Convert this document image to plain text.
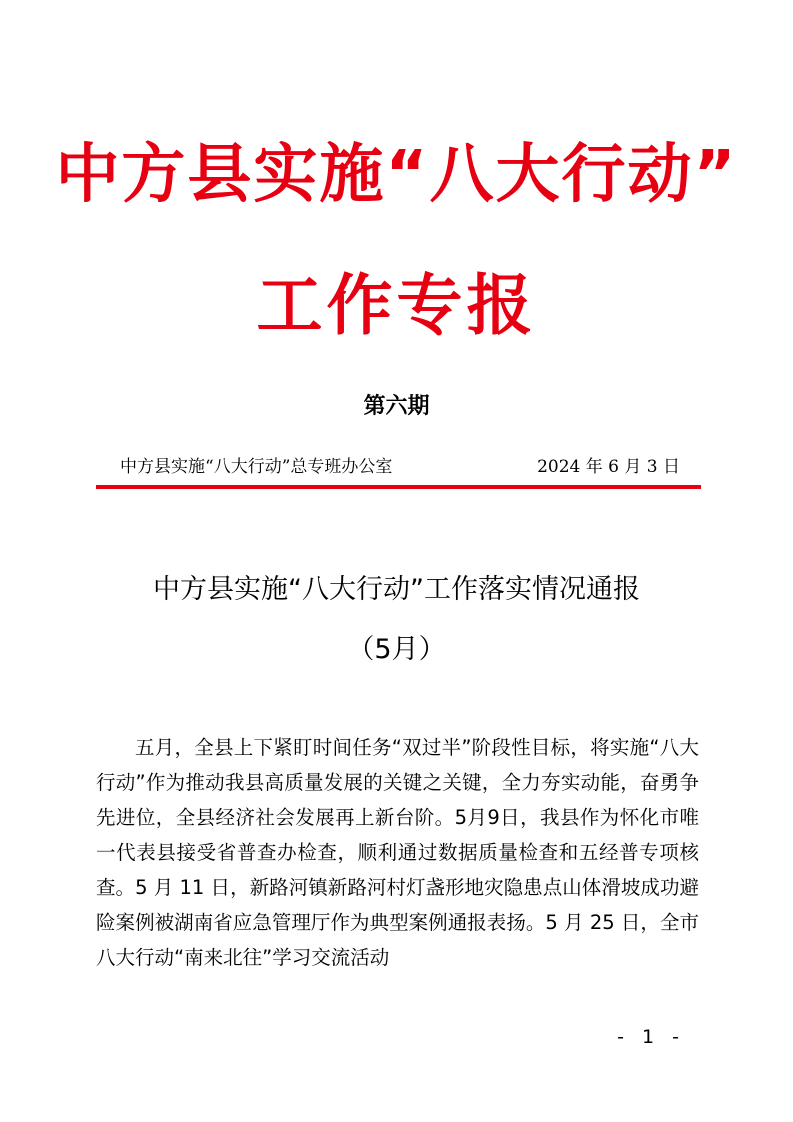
中方县实施“八大行动”
工作专报
第六期
中方县实施“八大行动”总专班办公室	2024 年 6 月 3 日
中方县实施“八大行动”工作落实情况通报
（5月）
五月，全县上下紧盯时间任务“双过半”阶段性目标，将实施“八大行动”作为推动我县高质量发展的关键之关键，全力夯实动能，奋勇争先进位，全县经济社会发展再上新台阶。5月9日，我县作为怀化市唯一代表县接受省普查办检查，顺利通过数据质量检查和五经普专项核查。5 月 11 日，新路河镇新路河村灯盏形地灾隐患点山体滑坡成功避险案例被湖南省应急管理厅作为典型案例通报表扬。5 月 25 日，全市八大行动“南来北往”学习交流活动
- 1 -
